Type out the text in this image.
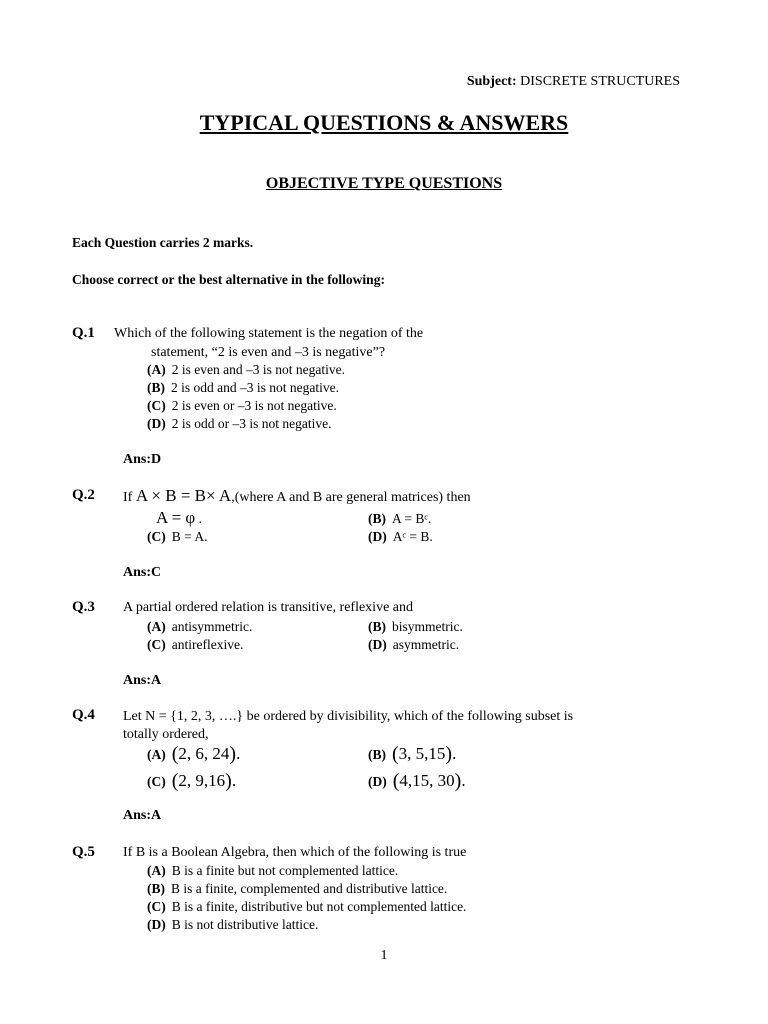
Subject: DISCRETE STRUCTURES
TYPICAL QUESTIONS & ANSWERS
OBJECTIVE TYPE QUESTIONS
Each Question carries 2 marks.
Choose correct or the best alternative in the following:
Q.1 Which of the following statement is the negation of the
statement, “2 is even and –3 is negative”?
(A) 2 is even and –3 is not negative.
(B) 2 is odd and –3 is not negative.
(C) 2 is even or –3 is not negative.
(D) 2 is odd or –3 is not negative.
Ans:D
Q.2 If A × B = B× A,(where A and B are general matrices) then
A = φ .	(B) A = Bᶜ.
(C) B = A.	(D) Aᶜ = B.
Ans:C
Q.3 A partial ordered relation is transitive, reflexive and
(A) antisymmetric.	(B) bisymmetric.
(C) antireflexive.	(D) asymmetric.
Ans:A
Q.4 Let N = {1, 2, 3, ….} be ordered by divisibility, which of the following subset is
totally ordered,
(A) (2, 6, 24).	(B) (3, 5,15).
(C) (2, 9,16).	(D) (4,15, 30).
Ans:A
Q.5 If B is a Boolean Algebra, then which of the following is true
(A) B is a finite but not complemented lattice.
(B) B is a finite, complemented and distributive lattice.
(C) B is a finite, distributive but not complemented lattice.
(D) B is not distributive lattice.
1
